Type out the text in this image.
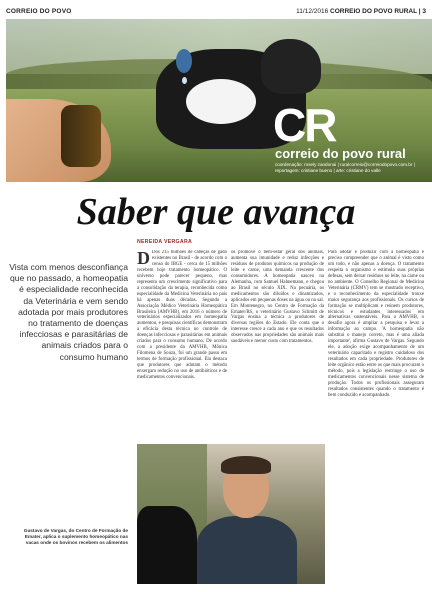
CORREIO DO POVO	11/12/2016 CORREIO DO POVO RURAL | 3
CR
correio do povo rural
coordenação: rosely zandonai | ruralcorreio@correiodopovo.com.br | reportagem: cristiane bueno | arte: cristiane do valle
Saber que avança
NEREIDA VERGARA
Vista com menos desconfiança que no passado, a homeopatia é especialidade reconhecida da Veterinária e vem sendo adotada por mais produtores no tratamento de doenças infecciosas e parasitárias de animais criados para o consumo humano
D Dos 215 milhões de cabeças de gado existentes no Brasil - de acordo com o censo do IBGE - cerca de 15 milhões recebem hoje tratamento homeopático. O universo pode parecer pequeno, mas representa um crescimento significativo para a consolidação da terapia, reconhecida como especialidade da Medicina Veterinária no país há apenas duas décadas. Segundo a Associação Médico Veterinária Homeopática Brasileira (AMVHB), em 2016 o número de veterinários especializados em homeopatia aumentou, e pesquisas científicas demonstram a eficácia desta técnica no controle de doenças infecciosas e parasitárias em animais criados para o consumo humano. De acordo com a presidente da AMVHB, Mônica Filomena de Souza, foi um grande passo em termos de formação profissional. Ela destaca que produtores que adotam o método enxergam redução no uso de antibióticos e de medicamentos convencionais.
os promove o bem-estar geral dos animais, aumenta sua imunidade e reduz infecções e resíduos de produtos químicos na produção de leite e carne, uma demanda crescente dos consumidores. A homeopatia nasceu na Alemanha, com Samuel Hahnemann, e chegou ao Brasil no século XIX. Na pecuária, os medicamentos são diluídos e dinamizados, aplicados em pequenas doses na água ou no sal. Em Montenegro, no Centro de Formação da Emater/RS, o veterinário Gustavo Schmitt de Vargas ensina a técnica a produtores de diversas regiões do Estado. Ele conta que o interesse cresce a cada ano e que os resultados observados nas propriedades são animais mais saudáveis e menor custo com tratamentos.
Para adotar e produzir com a homeopatia é preciso compreender que o animal é visto como um todo, e não apenas a doença. O tratamento respeita o organismo e estimula suas próprias defesas, sem deixar resíduos no leite, na carne ou no ambiente. O Conselho Regional de Medicina Veterinária (CRMV) tem se mostrado receptivo, e o reconhecimento da especialidade trouxe maior segurança aos profissionais. Os cursos de formação se multiplicam e reúnem produtores, técnicos e estudantes interessados em alternativas sustentáveis. Para a AMVHB, o desafio agora é ampliar a pesquisa e levar a informação ao campo. 'A homeopatia não substitui o manejo correto, mas é uma aliada importante', afirma Gustavo de Vargas. Segundo ele, a adoção exige acompanhamento de um veterinário capacitado e registro cuidadoso dos resultados em cada propriedade. Produtores de leite orgânico estão entre os que mais procuram o método, pois a legislação restringe o uso de medicamentos convencionais nesse sistema de produção. Todos os profissionais asseguram resultados consistentes quando o tratamento é bem conduzido e acompanhado.
Gustavo de Vargas, do Centro de Formação de Emater, aplica o suplemento homeopático nas vacas onde os bovinos recebem os alimentos
